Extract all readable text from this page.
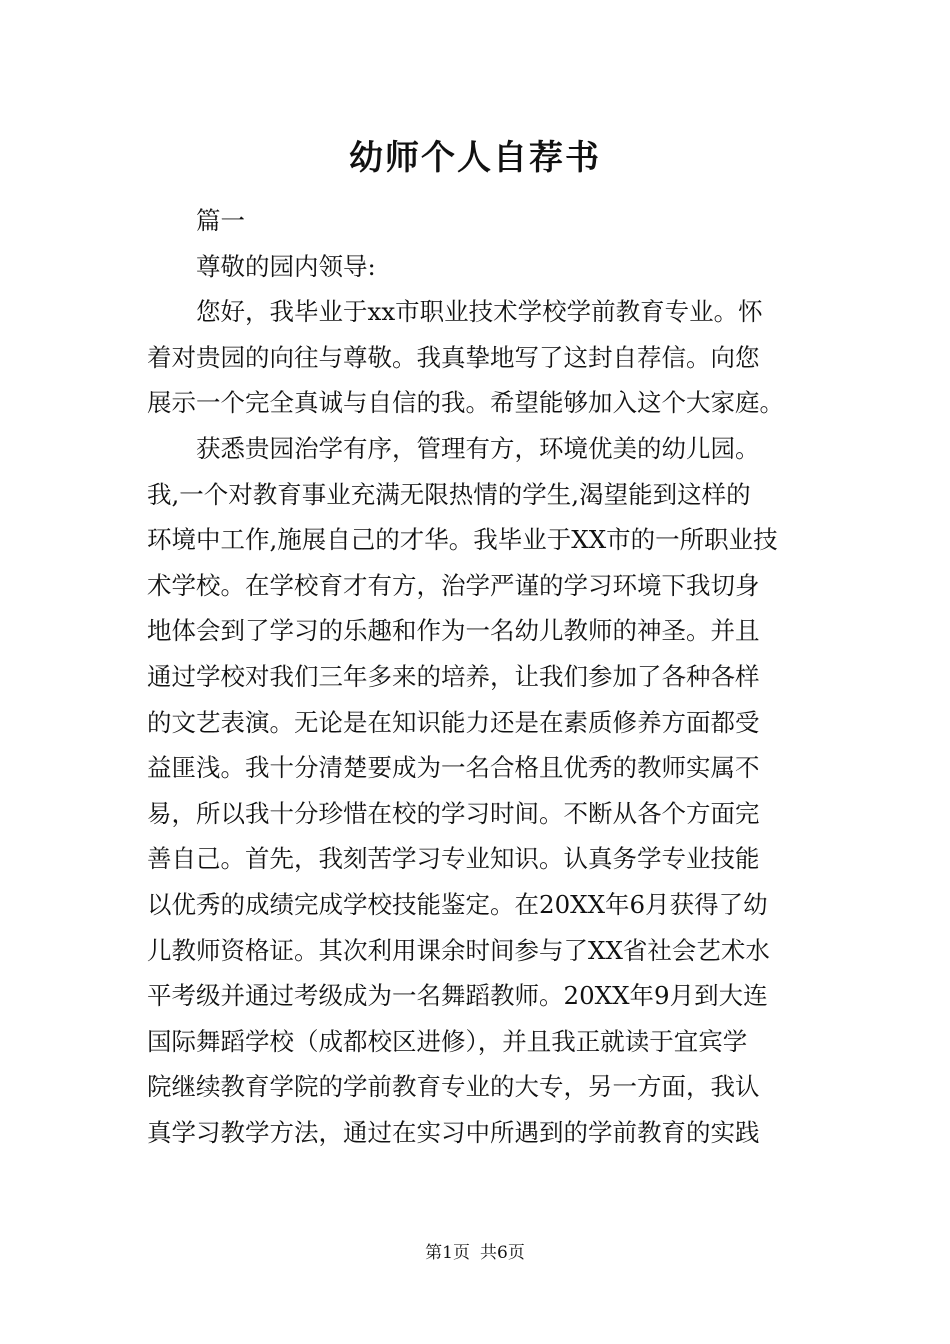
幼师个人自荐书
篇一
尊敬的园内领导:
您好，我毕业于xx市职业技术学校学前教育专业。怀
着对贵园的向往与尊敬。我真挚地写了这封自荐信。向您
展示一个完全真诚与自信的我。希望能够加入这个大家庭。
获悉贵园治学有序，管理有方，环境优美的幼儿园。
我,一个对教育事业充满无限热情的学生,渴望能到这样的
环境中工作,施展自己的才华。我毕业于XX市的一所职业技
术学校。在学校育才有方，治学严谨的学习环境下我切身
地体会到了学习的乐趣和作为一名幼儿教师的神圣。并且
通过学校对我们三年多来的培养，让我们参加了各种各样
的文艺表演。无论是在知识能力还是在素质修养方面都受
益匪浅。我十分清楚要成为一名合格且优秀的教师实属不
易，所以我十分珍惜在校的学习时间。不断从各个方面完
善自己。首先，我刻苦学习专业知识。认真务学专业技能
以优秀的成绩完成学校技能鉴定。在20XX年6月获得了幼
儿教师资格证。其次利用课余时间参与了XX省社会艺术水
平考级并通过考级成为一名舞蹈教师。20XX年9月到大连
国际舞蹈学校（成都校区进修），并且我正就读于宜宾学
院继续教育学院的学前教育专业的大专，另一方面，我认
真学习教学方法，通过在实习中所遇到的学前教育的实践
第1页 共6页
